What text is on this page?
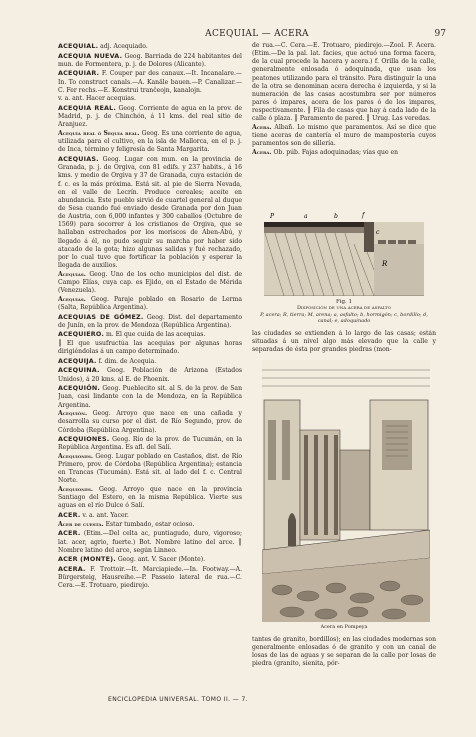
ACEQUIAL — ACERA	97

ACEQUIAL. adj. Acequiado.

ACEQUIA NUEVA. Geog. Barriada de 224 habitantes del mun. de Formentera, p. j. de Dolores (Alicante).

ACEQUIAR. F. Couper par des canaux.—It. Incanalare.—In. To construct canals.—A. Kanäle bauen.—P. Canalizar.—C. Fer rechs.—E. Konstrui tranĉeojn, kanalojn.

v. a. ant. Hacer acequias.

ACEQUIA REAL. Geog. Corriente de agua en la prov. de Madrid, p. j. de Chinchón, á 11 kms. del real sitio de Aranjuez.

Acequia real ó Sequia real. Geog. Es una corriente de agua, utilizada para el cultivo, en la isla de Mallorca, en el p. j. de Inca, término y feligresía de Santa Margarita.

ACEQUIAS. Geog. Lugar con mun. en la provincia de Granada, p. j. de Orgiva, con 81 edifs. y 237 habits., á 16 kms. y medio de Orgiva y 37 de Granada, cuya estación de f. c. es la más próxima. Está sit. al pie de Sierra Nevada, en el valle de Lecrín. Produce cereales; aceite en abundancia. Este pueblo sirvió de cuartel general al duque de Sesa cuando fué enviado desde Granada por don Juan de Austria, con 6,000 infantes y 300 caballos (Octubre de 1569) para socorrer á los cristianos de Orgiva, que se hallaban estrechados por los moriscos de Aben-Abú, y llegado á él, no pudo seguir su marcha por haber sido atacado de la gota; hizo algunas salidas y fué rechazado, por lo cual tuvo que fortificar la población y esperar la llegada de auxilios.

Acequias. Geog. Uno de los ocho municipios del dist. de Campo Elías, cuya cap. es Ejido, en el Estado de Mérida (Venezuela).

Acequias. Geog. Paraje poblado en Rosario de Lerma (Salta, República Argentina).

ACEQUIAS DE GÓMEZ. Geog. Dist. del departamento de Junín, en la prov. de Mendoza (República Argentina).

ACEQUIERO. m. El que cuida de las acequias.

║ El que usufructúa las acequias por algunas horas dirigiéndolas á un campo determinado.

ACEQUIJA. f. dim. de Acequia.

ACEQUINA. Geog. Población de Arizona (Estados Unidos), á 20 kms. al E. de Phoenix.

ACEQUIÓN. Geog. Pueblecito sit. al S. de la prov. de San Juan, casi lindante con la de Mendoza, en la República Argentina.

Acequión. Geog. Arroyo que nace en una cañada y desarrolla su curso por el dist. de Río Segundo, prov. de Córdoba (República Argentina).

ACEQUIONES. Geog. Río de la prov. de Tucumán, en la República Argentina. Es afl. del Salí.

Acequiones. Geog. Lugar poblado en Castaños, dist. de Río Primero, prov. de Córdoba (República Argentina); estancia en Trancas (Tucumán). Está sit. al lado del f. c. Central Norte.

Acequiones. Geog. Arroyo que nace en la provincia Santiago del Estero, en la misma República. Vierte sus aguas en el río Dulce ó Salí.

ACER. v. a. ant. Yacer.

Acer de cuesta. Estar tumbado, estar ocioso.

ACER. (Etim.—Del celta ac, puntiagudo, duro, vigoroso; lat. acer, agrio, fuerte.) Bot. Nombre latino del arce. ║ Nombre latino del arce, según Linneo.

ACER (MONTE). Geog. ant. V. Sacer (Monte).

ACERA. F. Trottoir.—It. Marciapiede.—In. Footway.—A. Bürgersteig, Hausreihe.—P. Passeio lateral de rua.—C. Cera.—E. Trotuaro, piedirejo.

de rua.—C. Cera.—E. Trotuaro, piedirejo.—Zool. F. Acera. (Etim.—De la pal. lat. facies, que actuó una forma facera, de la cual procede la hacera y acera.) f. Orilla de la calle, generalmente enlosada ó adoquinada, que usan los peatones utilizando para el tránsito. Para distinguir la una de la otra se denominan acera derecha é izquierda, y si la numeración de las casas acostumbra ser por números pares ó impares, acera de los pares ó de los impares, respectivamente. ║ Fila de casas que hay á cada lado de la calle ó plaza. ║ Paramento de pared. ║ Urug. Las veredas.

Acera. Albañ. Lo mismo que paramentos. Así se dice que tiene aceras de cantería el muro de mampostería cuyos paramentos son de sillería.

Acera. Ob. púb. Fajas adoquinadas; vías que en

P	a	b	f
c
R
Fig. 1
Disposición de una acera de asfalto
P, acera; R, tierra; M, arena; a, asfalto; b, hormigón; c, bordillo; d, canal; e, adoquinado
las ciudades se extienden á lo largo de las casas; están situadas á un nivel algo más elevado que la calle y separadas de ésta por grandes piedras (mon-
Acera en Pompeya
tantes de granito, bordillos); en las ciudades modernas son generalmente enlosadas ó de granito y con un canal de losas de las de aguas y se separan de la calle por losas de piedra (granito, sienita, pór-
ENCICLOPEDIA UNIVERSAL. TOMO II. — 7.
